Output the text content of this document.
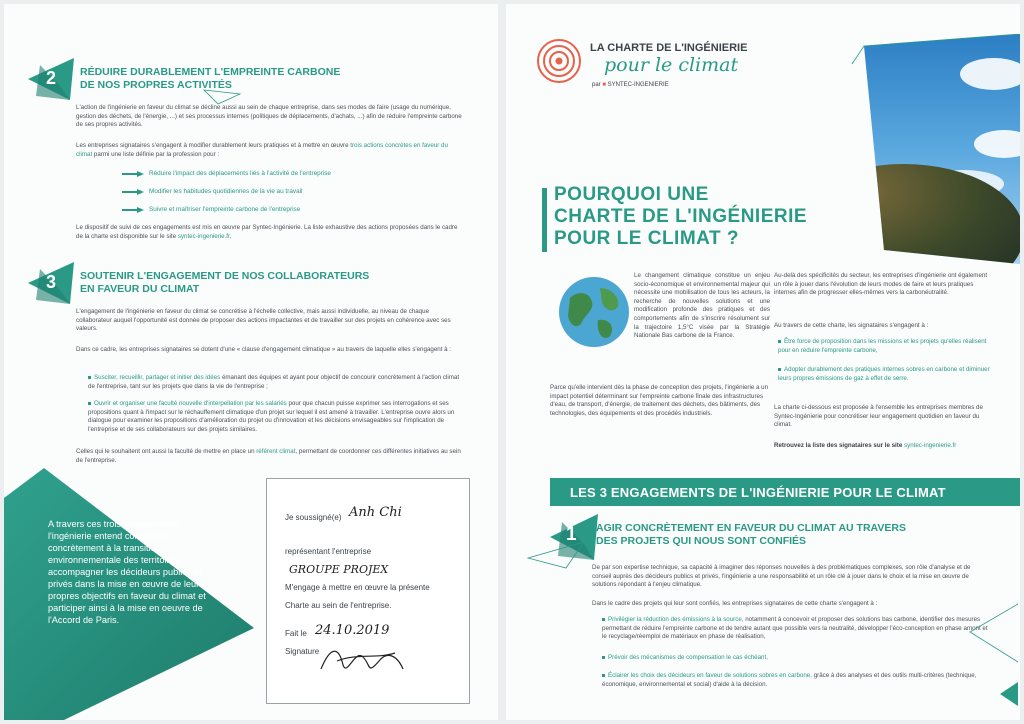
2 RÉDUIRE DURABLEMENT L'EMPREINTE CARBONE
DE NOS PROPRES ACTIVITÉS
L'action de l'ingénierie en faveur du climat se décline aussi au sein de chaque entreprise, dans ses modes de faire (usage du numérique, gestion des déchets, de l'énergie, ...) et ses processus internes (politiques de déplacements, d'achats, ...) afin de réduire l'empreinte carbone de ses propres activités.
Les entreprises signataires s'engagent à modifier durablement leurs pratiques et à mettre en œuvre trois actions concrètes en faveur du climat parmi une liste définie par la profession pour :
Réduire l'impact des déplacements liés à l'activité de l'entreprise
Modifier les habitudes quotidiennes de la vie au travail
Suivre et maîtriser l'empreinte carbone de l'entreprise
Le dispositif de suivi de ces engagements est mis en œuvre par Syntec-Ingénierie. La liste exhaustive des actions proposées dans le cadre de la charte est disponible sur le site syntec-ingenierie.fr.
3 SOUTENIR L'ENGAGEMENT DE NOS COLLABORATEURS
EN FAVEUR DU CLIMAT
L'engagement de l'ingénierie en faveur du climat se concrétise à l'échelle collective, mais aussi individuelle, au niveau de chaque collaborateur auquel l'opportunité est donnée de proposer des actions impactantes et de travailler sur des projets en cohérence avec ses valeurs.
Dans ce cadre, les entreprises signataires se dotent d'une « clause d'engagement climatique » au travers de laquelle elles s'engagent à :
Susciter, recueillir, partager et initier des idées émanant des équipes et ayant pour objectif de concourir concrètement à l'action climat de l'entreprise, tant sur les projets que dans la vie de l'entreprise ;
Ouvrir et organiser une faculté nouvelle d'interpellation par les salariés pour que chacun puisse exprimer ses interrogations et ses propositions quant à l'impact sur le réchauffement climatique d'un projet sur lequel il est amené à travailler. L'entreprise ouvre alors un dialogue pour examiner les propositions d'amélioration du projet ou d'innovation et les décisions envisageables sur l'implication de l'entreprise et de ses collaborateurs sur des projets similaires.
Celles qui le souhaitent ont aussi la faculté de mettre en place un référent climat, permettant de coordonner ces différentes initiatives au sein de l'entreprise.
A travers ces trois engagements, l'ingénierie entend contribuer concrètement à la transition environnementale des territoires, accompagner les décideurs publics et privés dans la mise en œuvre de leurs propres objectifs en faveur du climat et participer ainsi à la mise en oeuvre de l'Accord de Paris.
Je soussigné(e) Anh Chi
représentant l'entreprise
GROUPE PROJEX
M'engage à mettre en œuvre la présente
Charte au sein de l'entreprise.
Fait le 24.10.2019
Signature
LA CHARTE DE L'INGÉNIERIE
pour le climat
par ■ SYNTEC-INGENIERIE
POURQUOI UNE
CHARTE DE L'INGÉNIERIE
POUR LE CLIMAT ?
Le changement climatique constitue un enjeu socio-économique et environnemental majeur qui nécessite une mobilisation de tous les acteurs, la recherche de nouvelles solutions et une modification profonde des pratiques et des comportements afin de s'inscrire résolument sur la trajectoire 1,5°C visée par la Stratégie Nationale Bas carbone de la France.
Parce qu'elle intervient dès la phase de conception des projets, l'ingénierie a un impact potentiel déterminant sur l'empreinte carbone finale des infrastructures d'eau, de transport, d'énergie, de traitement des déchets, des bâtiments, des technologies, des équipements et des procédés industriels.
Au-delà des spécificités du secteur, les entreprises d'ingénierie ont également un rôle à jouer dans l'évolution de leurs modes de faire et leurs pratiques internes afin de progresser elles-mêmes vers la carbonéutralité.
Au travers de cette charte, les signataires s'engagent à :
Être force de proposition dans les missions et les projets qu'elles réalisent pour en réduire l'empreinte carbone,
Adopter durablement des pratiques internes sobres en carbone et diminuer leurs propres émissions de gaz à effet de serre.
La charte ci-dessous est proposée à l'ensemble les entreprises membres de Syntec-Ingénierie pour concrétiser leur engagement quotidien en faveur du climat.
Retrouvez la liste des signataires sur le site syntec-ingenierie.fr
LES 3 ENGAGEMENTS DE L'INGÉNIERIE POUR LE CLIMAT
1 AGIR CONCRÈTEMENT EN FAVEUR DU CLIMAT AU TRAVERS
DES PROJETS QUI NOUS SONT CONFIÉS
De par son expertise technique, sa capacité à imaginer des réponses nouvelles à des problématiques complexes, son rôle d'analyse et de conseil auprès des décideurs publics et privés, l'ingénierie a une responsabilité et un rôle clé à jouer dans le choix et la mise en œuvre de solutions répondant à l'enjeu climatique.
Dans le cadre des projets qui leur sont confiés, les entreprises signataires de cette charte s'engagent à :
Privilégier la réduction des émissions à la source, notamment à concevoir et proposer des solutions bas carbone, identifier des mesures permettant de réduire l'empreinte carbone et de tendre autant que possible vers la neutralité, développer l'éco-conception en phase amont et le recyclage/réemploi de matériaux en phase de réalisation,
Prévoir des mécanismes de compensation le cas échéant,
Éclairer les choix des décideurs en faveur de solutions sobres en carbone, grâce à des analyses et des outils multi-critères (technique, économique, environnemental et social) d'aide à la décision.
